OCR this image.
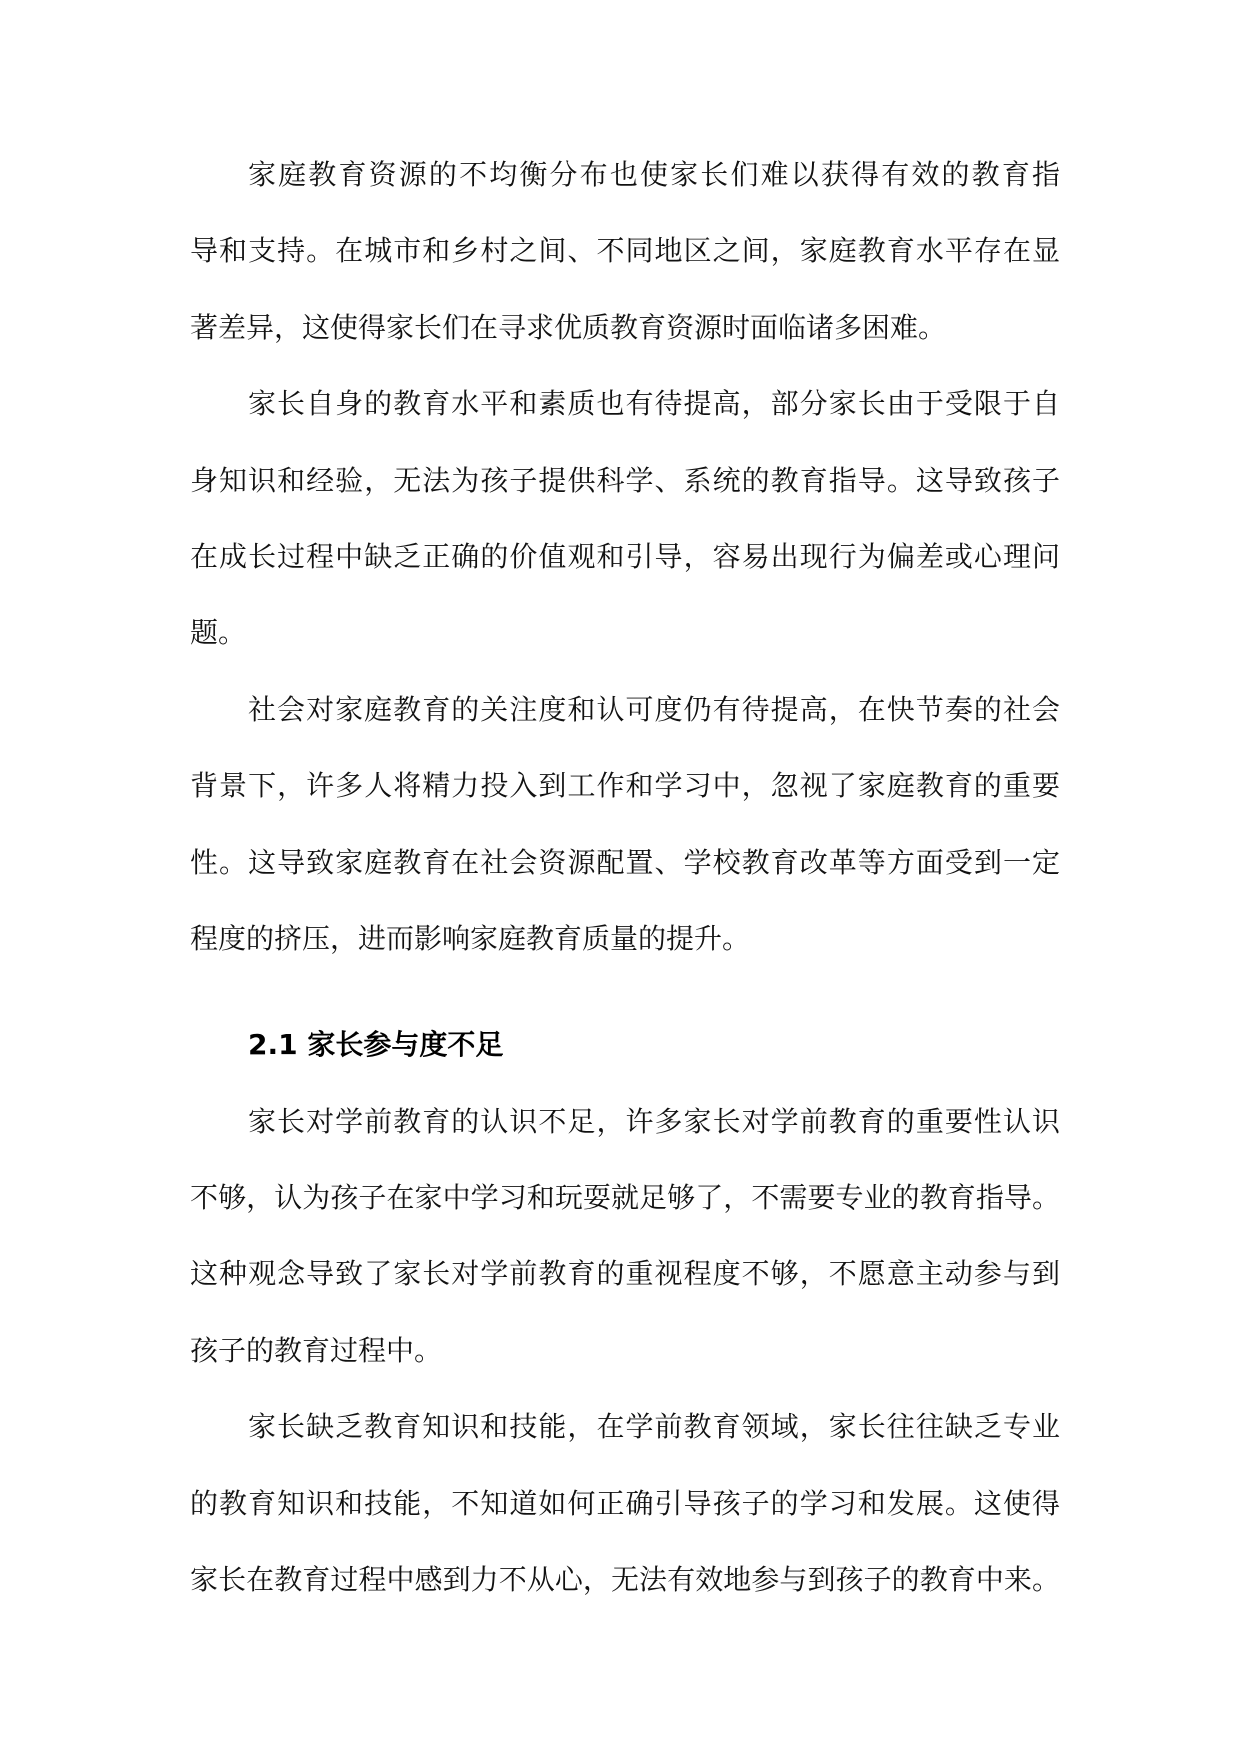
家庭教育资源的不均衡分布也使家长们难以获得有效的教育指
导和支持。在城市和乡村之间、不同地区之间，家庭教育水平存在显
著差异，这使得家长们在寻求优质教育资源时面临诸多困难。
家长自身的教育水平和素质也有待提高，部分家长由于受限于自
身知识和经验，无法为孩子提供科学、系统的教育指导。这导致孩子
在成长过程中缺乏正确的价值观和引导，容易出现行为偏差或心理问
题。
社会对家庭教育的关注度和认可度仍有待提高，在快节奏的社会
背景下，许多人将精力投入到工作和学习中，忽视了家庭教育的重要
性。这导致家庭教育在社会资源配置、学校教育改革等方面受到一定
程度的挤压，进而影响家庭教育质量的提升。
2.1 家长参与度不足
家长对学前教育的认识不足，许多家长对学前教育的重要性认识
不够，认为孩子在家中学习和玩耍就足够了，不需要专业的教育指导。
这种观念导致了家长对学前教育的重视程度不够，不愿意主动参与到
孩子的教育过程中。
家长缺乏教育知识和技能，在学前教育领域，家长往往缺乏专业
的教育知识和技能，不知道如何正确引导孩子的学习和发展。这使得
家长在教育过程中感到力不从心，无法有效地参与到孩子的教育中来。
